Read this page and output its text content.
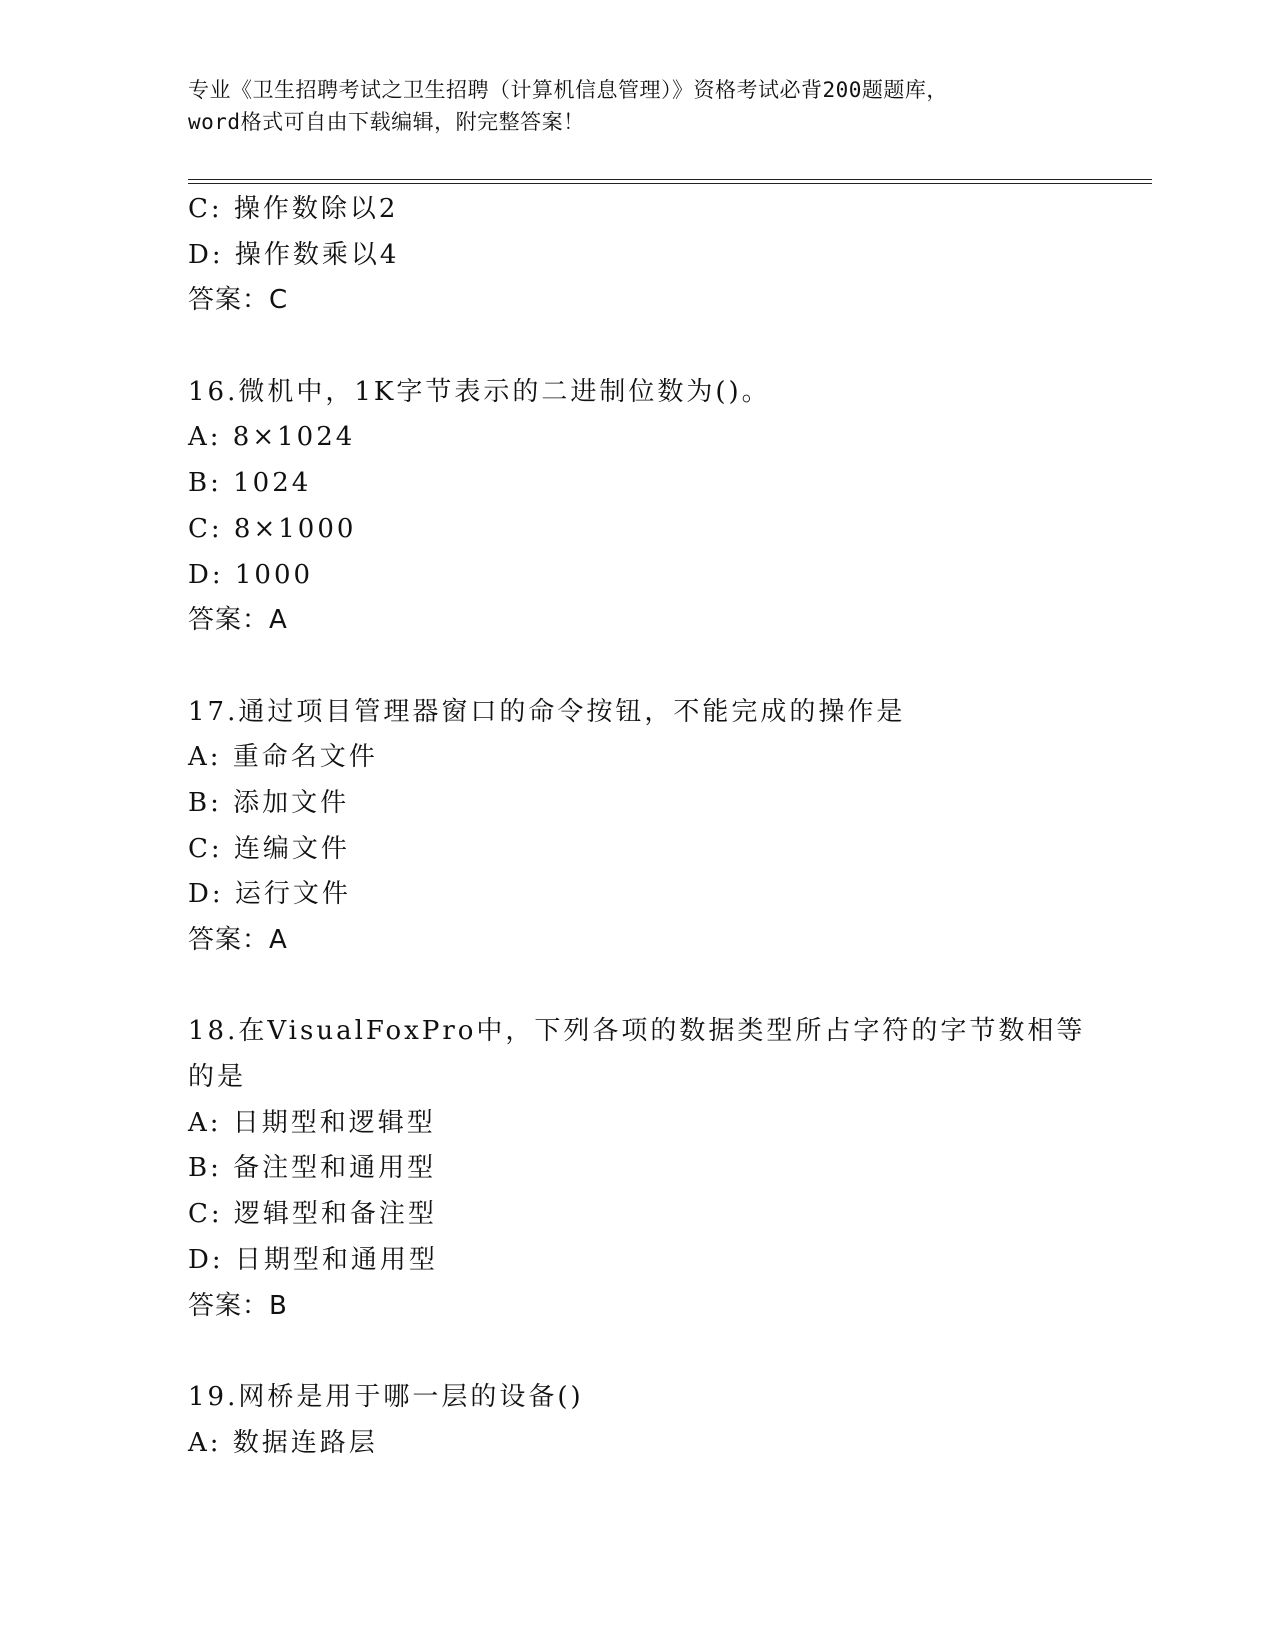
专业《卫生招聘考试之卫生招聘（计算机信息管理）》资格考试必背200题题库，
word格式可自由下载编辑，附完整答案！
C: 操作数除以2
D: 操作数乘以4
答案：C
16.微机中，1K字节表示的二进制位数为()。
A: 8×1024
B: 1024
C: 8×1000
D: 1000
答案：A
17.通过项目管理器窗口的命令按钮，不能完成的操作是
A: 重命名文件
B: 添加文件
C: 连编文件
D: 运行文件
答案：A
18.在VisualFoxPro中，下列各项的数据类型所占字符的字节数相等
的是
A: 日期型和逻辑型
B: 备注型和通用型
C: 逻辑型和备注型
D: 日期型和通用型
答案：B
19.网桥是用于哪一层的设备()
A: 数据连路层
